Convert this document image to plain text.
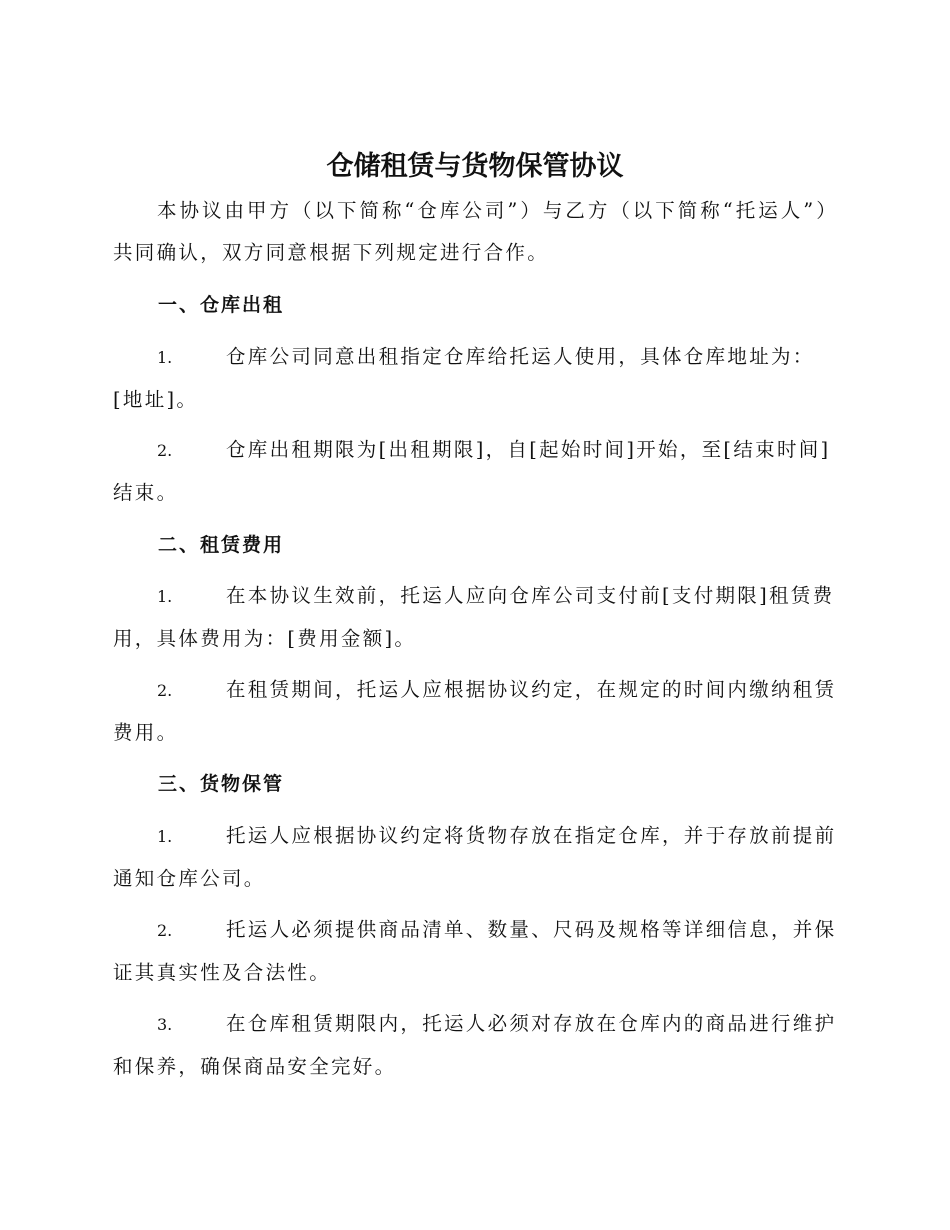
仓储租赁与货物保管协议

本协议由甲方（以下简称“仓库公司”）与乙方（以下简称“托运人”）共同确认，双方同意根据下列规定进行合作。

一、仓库出租

1.	仓库公司同意出租指定仓库给托运人使用，具体仓库地址为：[地址]。

2.	仓库出租期限为[出租期限]，自[起始时间]开始，至[结束时间]结束。

二、租赁费用

1.	在本协议生效前，托运人应向仓库公司支付前[支付期限]租赁费用，具体费用为：[费用金额]。

2.	在租赁期间，托运人应根据协议约定，在规定的时间内缴纳租赁费用。

三、货物保管

1.	托运人应根据协议约定将货物存放在指定仓库，并于存放前提前通知仓库公司。

2.	托运人必须提供商品清单、数量、尺码及规格等详细信息，并保证其真实性及合法性。

3.	在仓库租赁期限内，托运人必须对存放在仓库内的商品进行维护和保养，确保商品安全完好。
